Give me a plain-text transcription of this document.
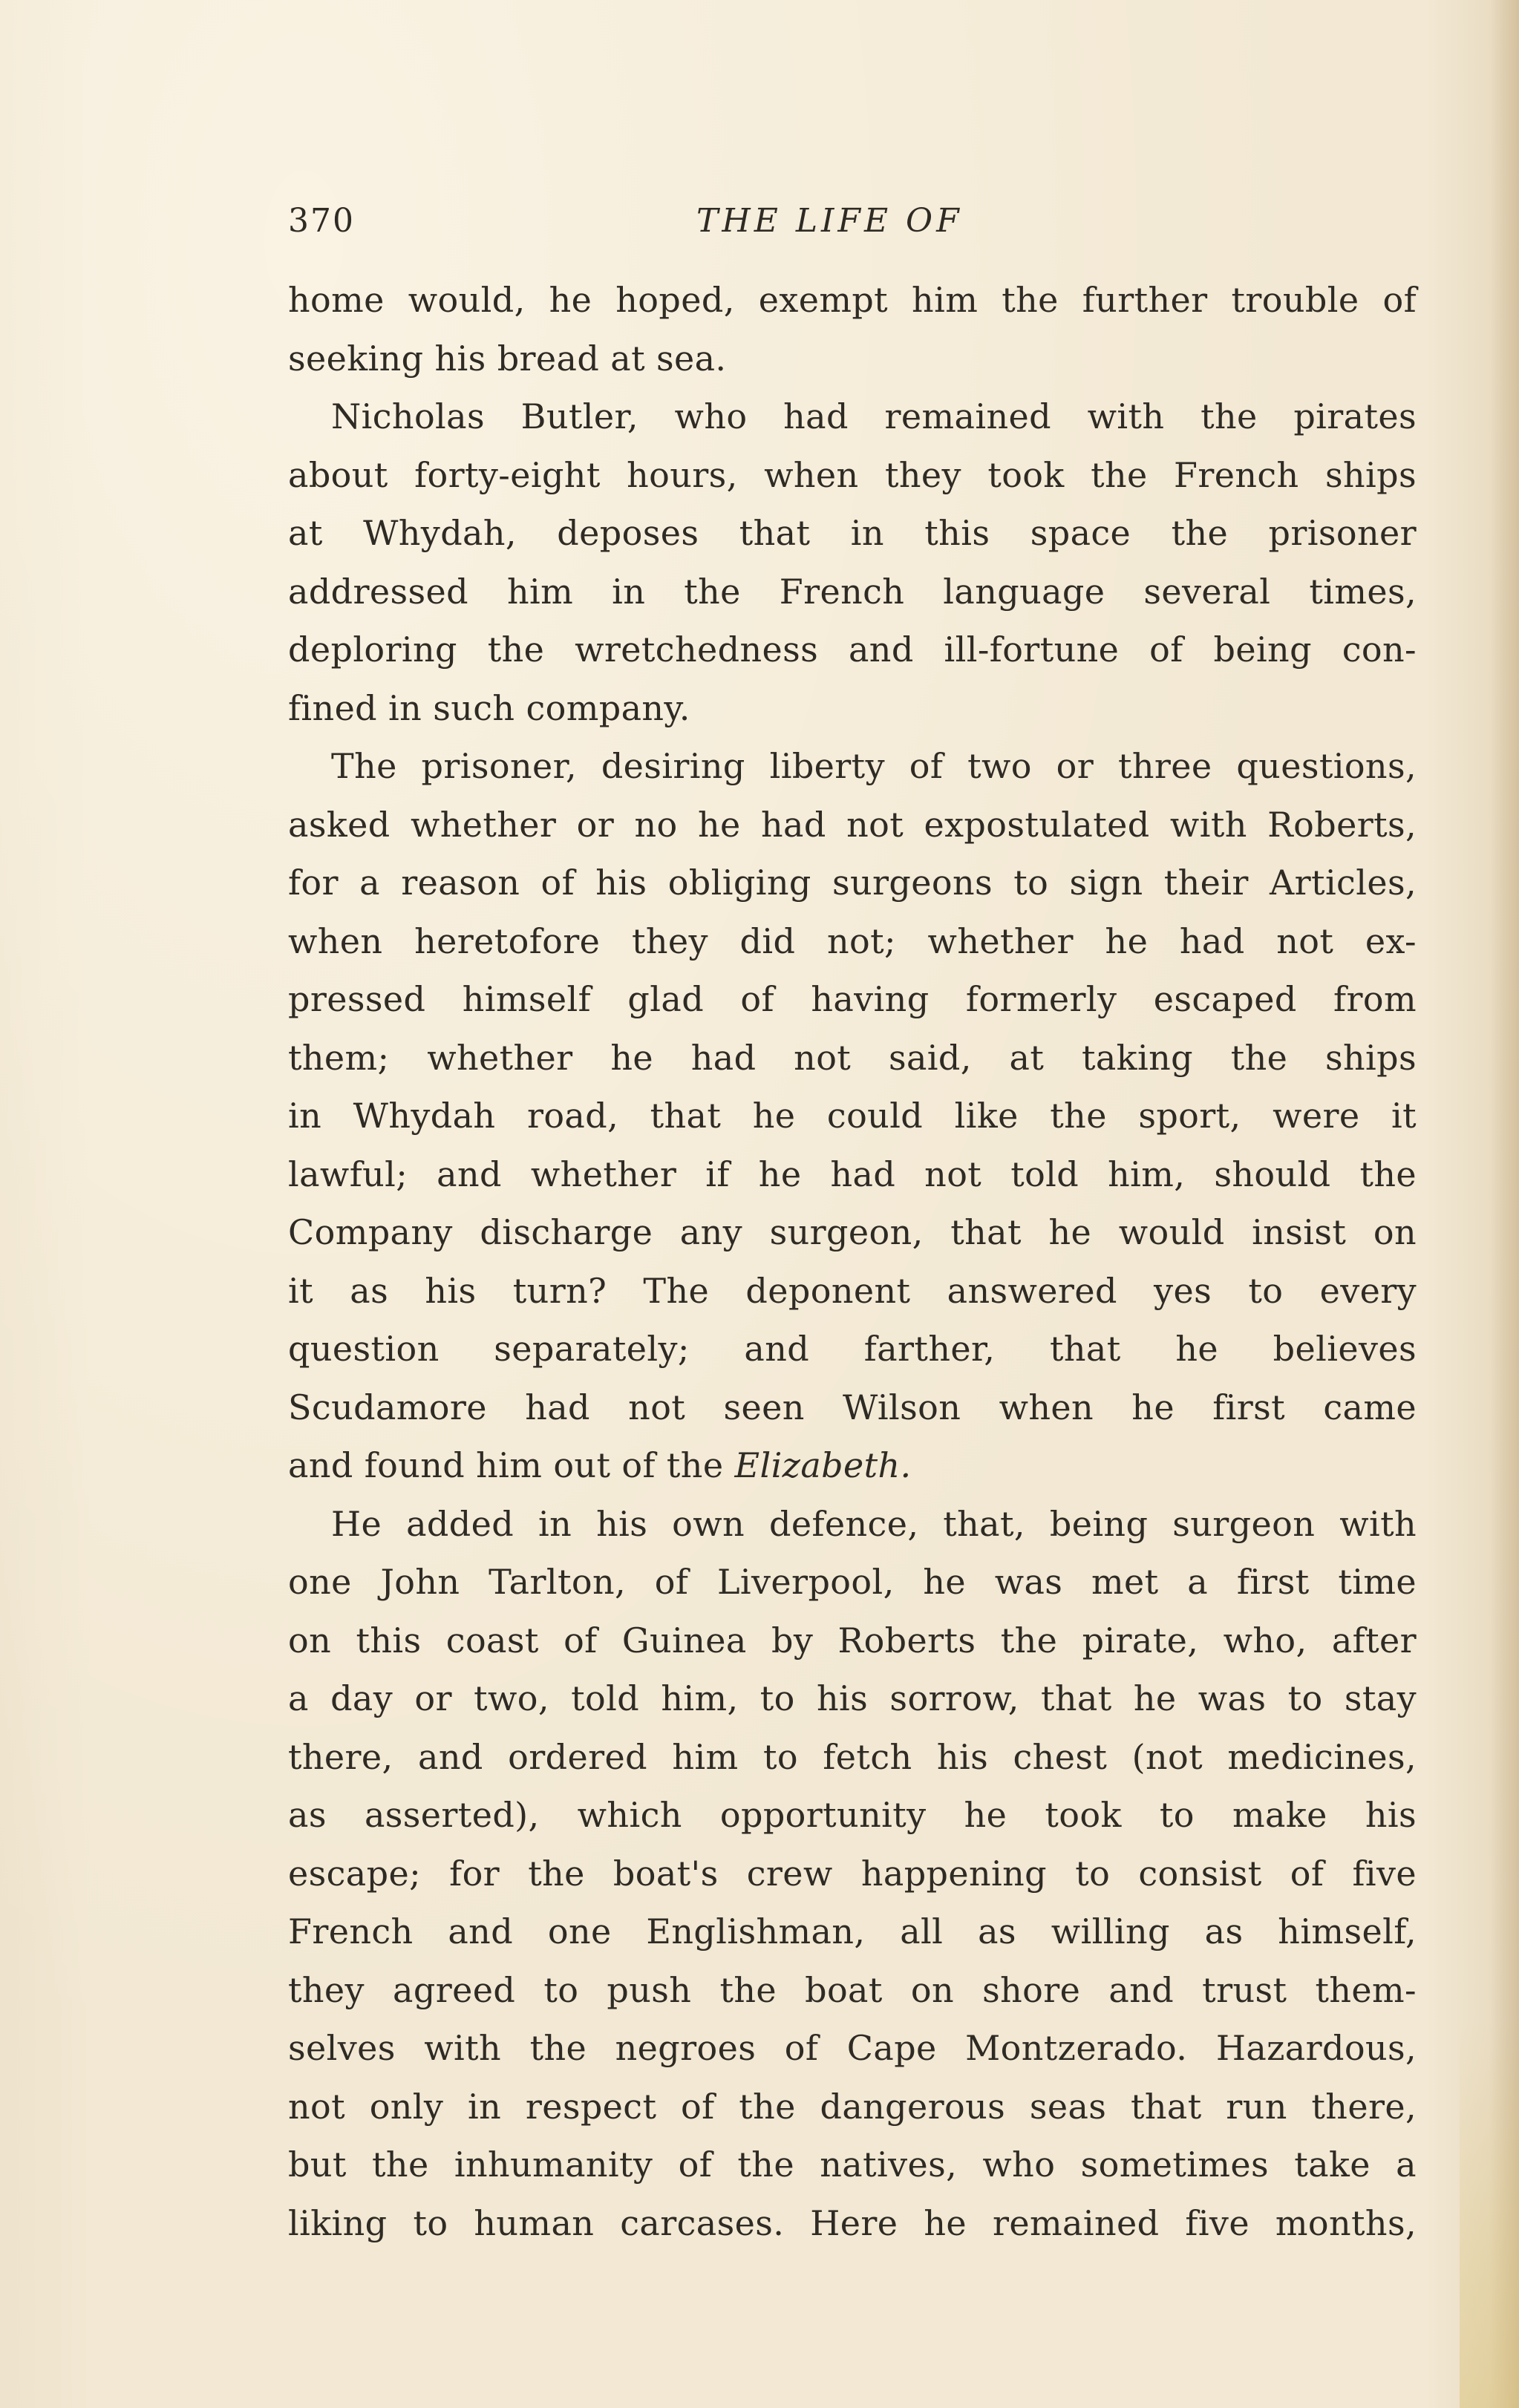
370	THE LIFE OF
home would, he hoped, exempt him the further trouble of
seeking his bread at sea.
Nicholas Butler, who had remained with the pirates
about forty-eight hours, when they took the French ships
at Whydah, deposes that in this space the prisoner
addressed him in the French language several times,
deploring the wretchedness and ill-fortune of being con-
fined in such company.
The prisoner, desiring liberty of two or three questions,
asked whether or no he had not expostulated with Roberts,
for a reason of his obliging surgeons to sign their Articles,
when heretofore they did not; whether he had not ex-
pressed himself glad of having formerly escaped from
them; whether he had not said, at taking the ships
in Whydah road, that he could like the sport, were it
lawful; and whether if he had not told him, should the
Company discharge any surgeon, that he would insist on
it as his turn? The deponent answered yes to every
question separately; and farther, that he believes
Scudamore had not seen Wilson when he first came
and found him out of the Elizabeth.
He added in his own defence, that, being surgeon with
one John Tarlton, of Liverpool, he was met a first time
on this coast of Guinea by Roberts the pirate, who, after
a day or two, told him, to his sorrow, that he was to stay
there, and ordered him to fetch his chest (not medicines,
as asserted), which opportunity he took to make his
escape; for the boat's crew happening to consist of five
French and one Englishman, all as willing as himself,
they agreed to push the boat on shore and trust them-
selves with the negroes of Cape Montzerado. Hazardous,
not only in respect of the dangerous seas that run there,
but the inhumanity of the natives, who sometimes take a
liking to human carcases. Here he remained five months,
